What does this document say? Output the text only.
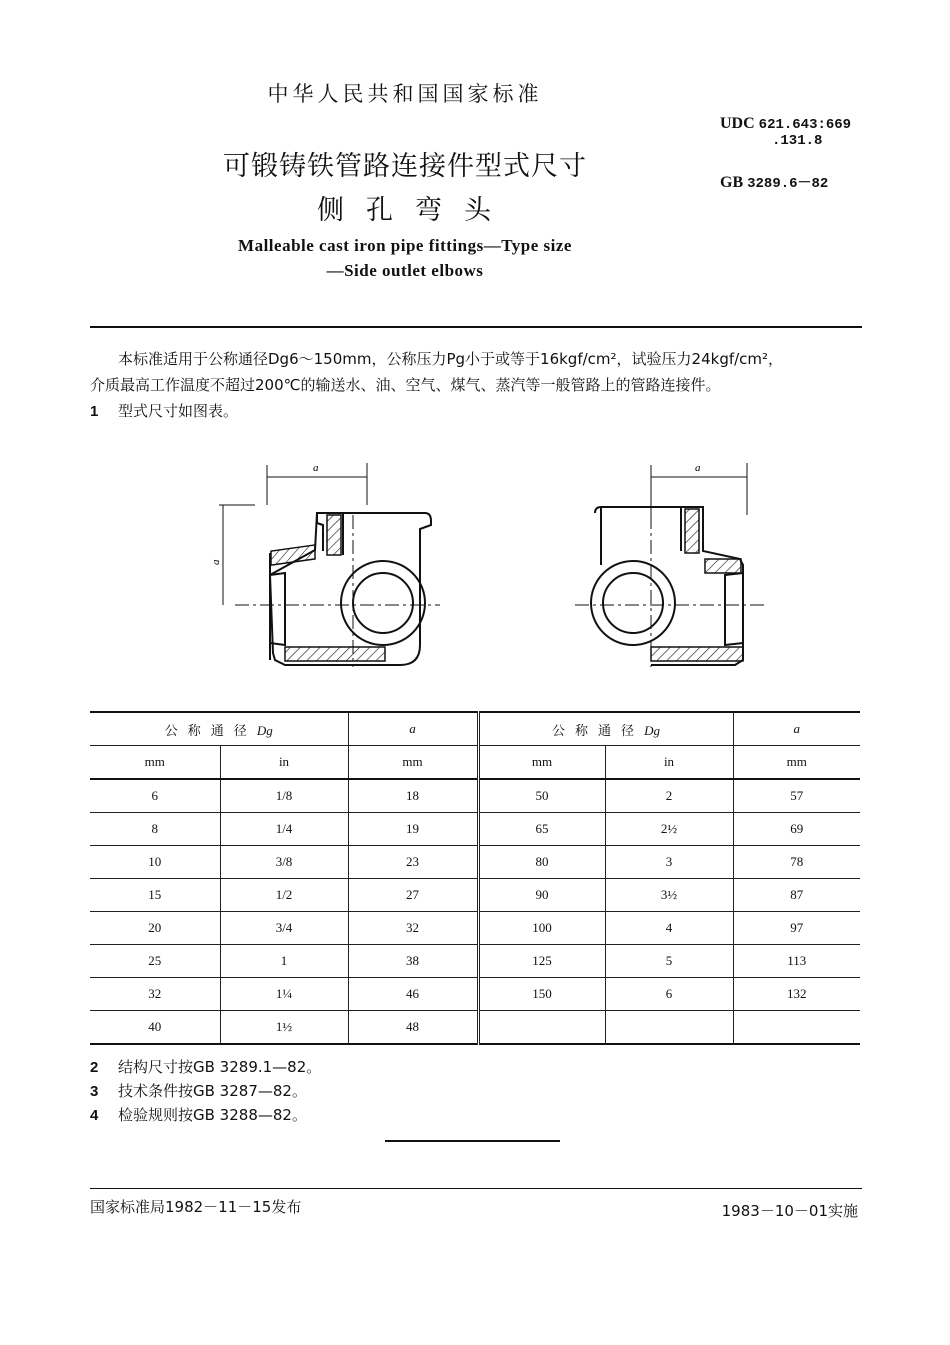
中华人民共和国国家标准
UDC 621.643:669
.131.8
GB 3289.6－82
可锻铸铁管路连接件型式尺寸
侧孔弯头
Malleable cast iron pipe fittings—Type size
—Side outlet elbows
本标准适用于公称通径Dg6～150mm，公称压力Pg小于或等于16kgf/cm²，试验压力24kgf/cm²，
介质最高工作温度不超过200℃的输送水、油、空气、煤气、蒸汽等一般管路上的管路连接件。
1 型式尺寸如图表。
a
a
a
公称通径Dg		a	公称通径Dg		a
mm	in	mm	mm	in	mm
6	1/8	18	50	2	57
8	1/4	19	65	2½	69
10	3/8	23	80	3	78
15	1/2	27	90	3½	87
20	3/4	32	100	4	97
25	1	38	125	5	113
32	1¼	46	150	6	132
40	1½	48			
2 结构尺寸按GB 3289.1—82。
3 技术条件按GB 3287—82。
4 检验规则按GB 3288—82。
国家标准局1982－11－15发布	1983－10－01实施
